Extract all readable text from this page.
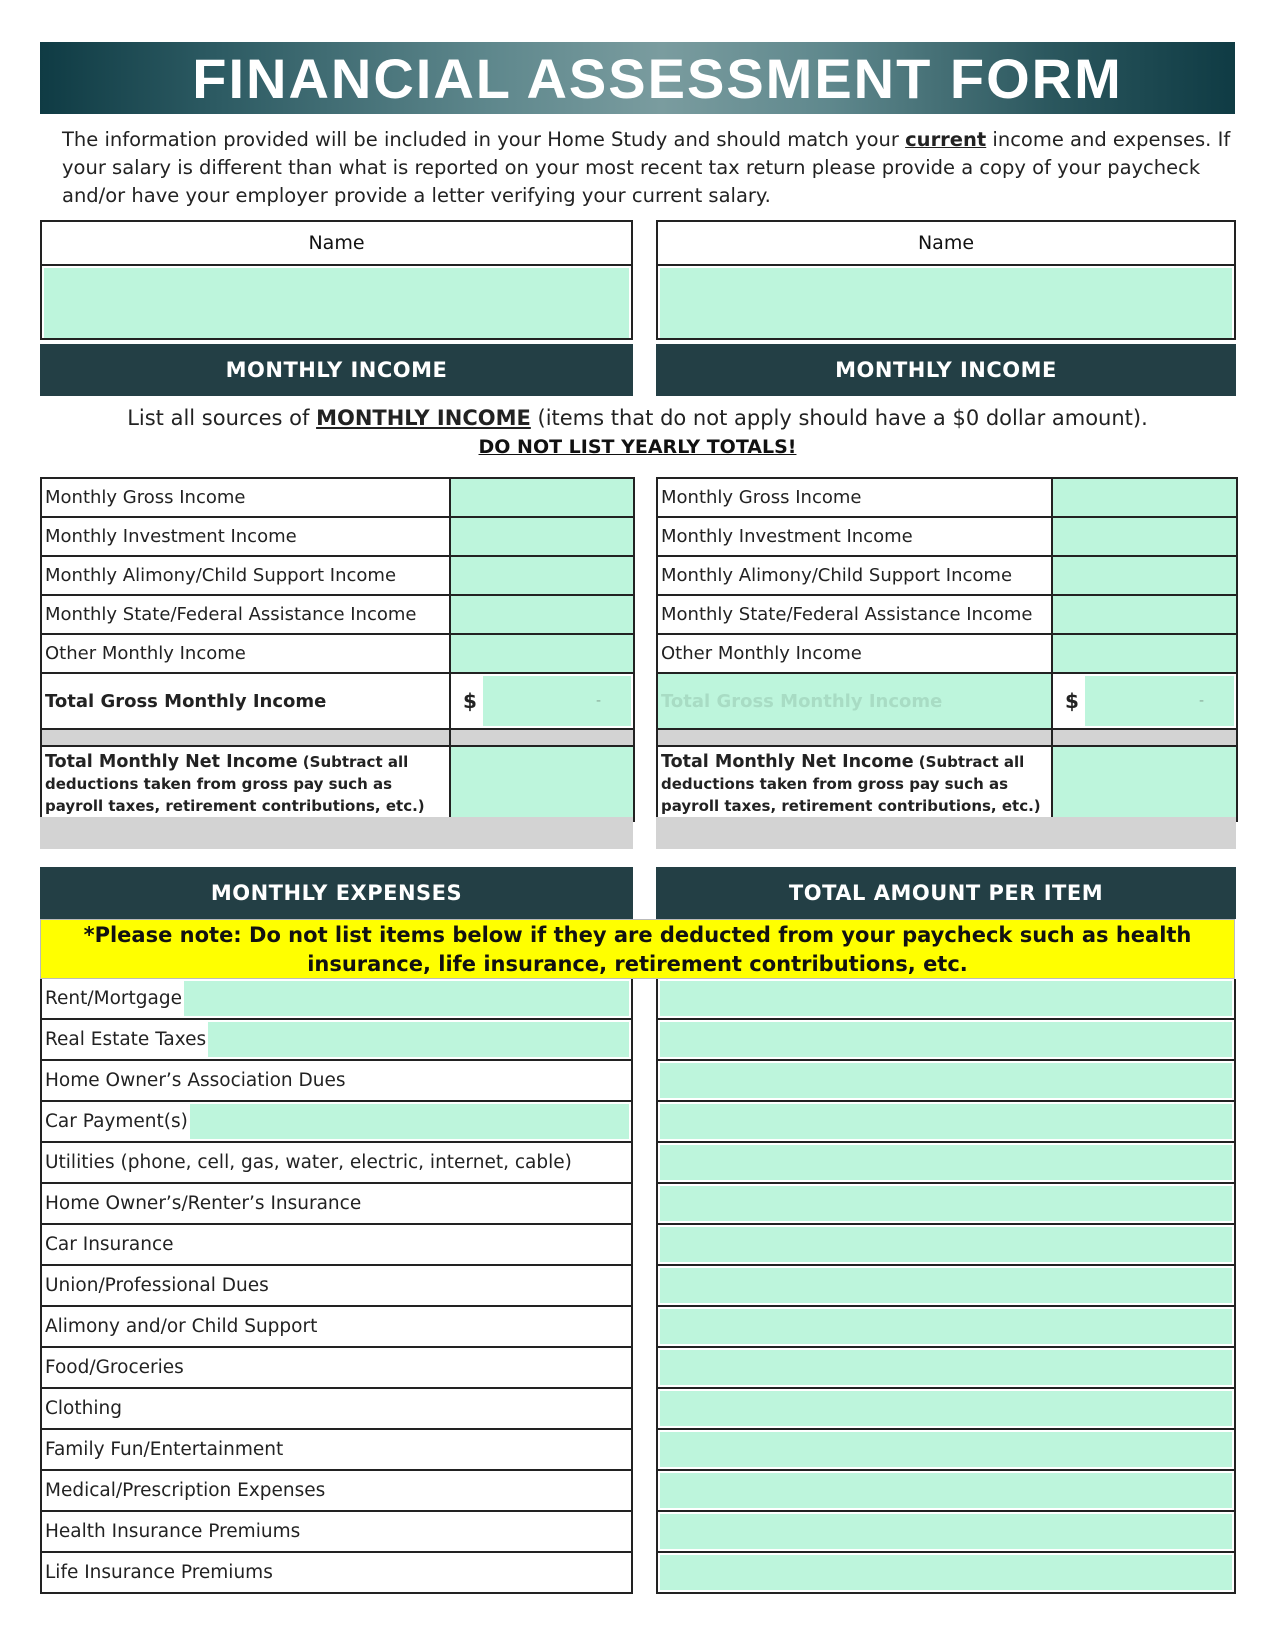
FINANCIAL ASSESSMENT FORM
The information provided will be included in your Home Study and should match your current income and expenses. If your salary is different than what is reported on your most recent tax return please provide a copy of your paycheck and/or have your employer provide a letter verifying your current salary.
Name	Name
MONTHLY INCOME	MONTHLY INCOME
List all sources of MONTHLY INCOME (items that do not apply should have a $0 dollar amount).
DO NOT LIST YEARLY TOTALS!
Monthly Gross Income	
Monthly Investment Income	
Monthly Alimony/Child Support Income	
Monthly State/Federal Assistance Income	
Other Monthly Income	
Total Gross Monthly Income	$ -

Total Monthly Net Income (Subtract all deductions taken from gross pay such as payroll taxes, retirement contributions, etc.)	

Monthly Gross Income	
Monthly Investment Income	
Monthly Alimony/Child Support Income	
Monthly State/Federal Assistance Income	
Other Monthly Income	
Total Gross Monthly Income	$ -

Total Monthly Net Income (Subtract all
deductions taken from gross pay such as
payroll taxes, retirement contributions, etc.)	

MONTHLY EXPENSES	TOTAL AMOUNT PER ITEM
*Please note: Do not list items below if they are deducted from your paycheck such as health insurance, life insurance, retirement contributions, etc.
Rent/Mortgage
Real Estate Taxes
Home Owner’s Association Dues
Car Payment(s)
Utilities (phone, cell, gas, water, electric, internet, cable)
Home Owner’s/Renter’s Insurance
Car Insurance
Union/Professional Dues
Alimony and/or Child Support
Food/Groceries
Clothing
Family Fun/Entertainment
Medical/Prescription Expenses
Health Insurance Premiums
Life Insurance Premiums
